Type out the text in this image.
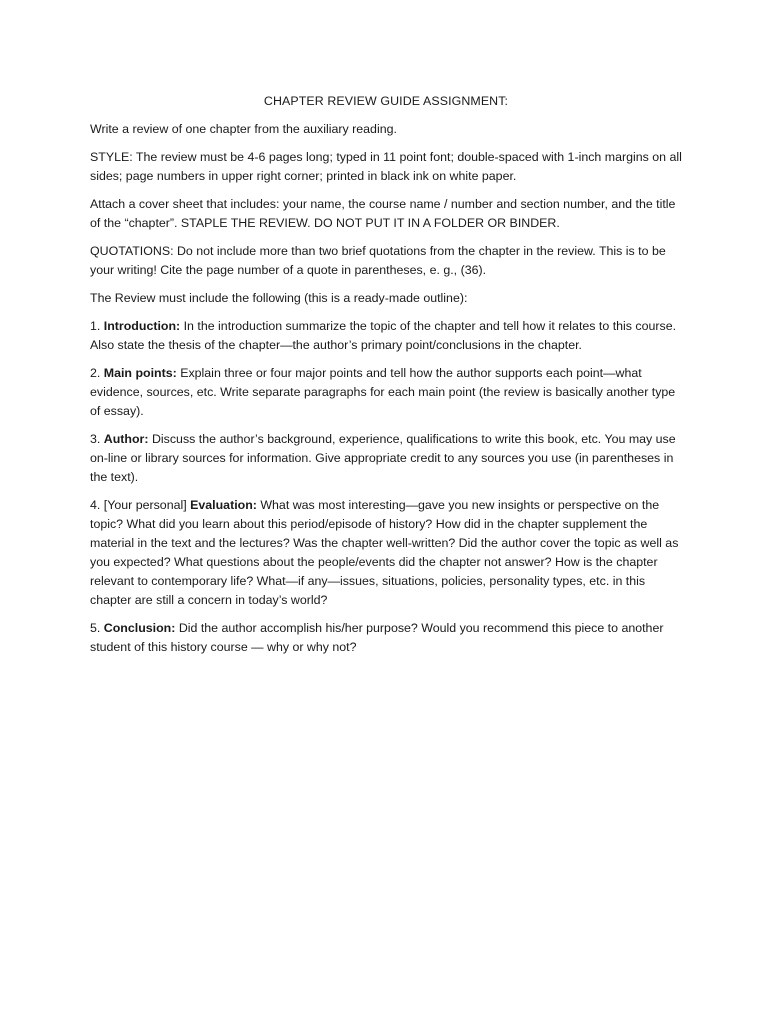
CHAPTER REVIEW GUIDE ASSIGNMENT:

Write a review of one chapter from the auxiliary reading.

STYLE: The review must be 4-6 pages long; typed in 11 point font; double-spaced with 1-inch margins on all sides; page numbers in upper right corner; printed in black ink on white paper.

Attach a cover sheet that includes: your name, the course name / number and section number, and the title of the “chapter”. STAPLE THE REVIEW. DO NOT PUT IT IN A FOLDER OR BINDER.

QUOTATIONS: Do not include more than two brief quotations from the chapter in the review. This is to be your writing! Cite the page number of a quote in parentheses, e. g., (36).

The Review must include the following (this is a ready-made outline):

1. Introduction: In the introduction summarize the topic of the chapter and tell how it relates to this course. Also state the thesis of the chapter—the author’s primary point/conclusions in the chapter.

2. Main points: Explain three or four major points and tell how the author supports each point—what evidence, sources, etc. Write separate paragraphs for each main point (the review is basically another type of essay).

3. Author: Discuss the author’s background, experience, qualifications to write this book, etc. You may use on-line or library sources for information. Give appropriate credit to any sources you use (in parentheses in the text).

4. [Your personal] Evaluation: What was most interesting—gave you new insights or perspective on the topic? What did you learn about this period/episode of history? How did in the chapter supplement the material in the text and the lectures? Was the chapter well-written? Did the author cover the topic as well as you expected? What questions about the people/events did the chapter not answer? How is the chapter relevant to contemporary life? What—if any—issues, situations, policies, personality types, etc. in this chapter are still a concern in today’s world?

5. Conclusion: Did the author accomplish his/her purpose? Would you recommend this piece to another student of this history course — why or why not?
